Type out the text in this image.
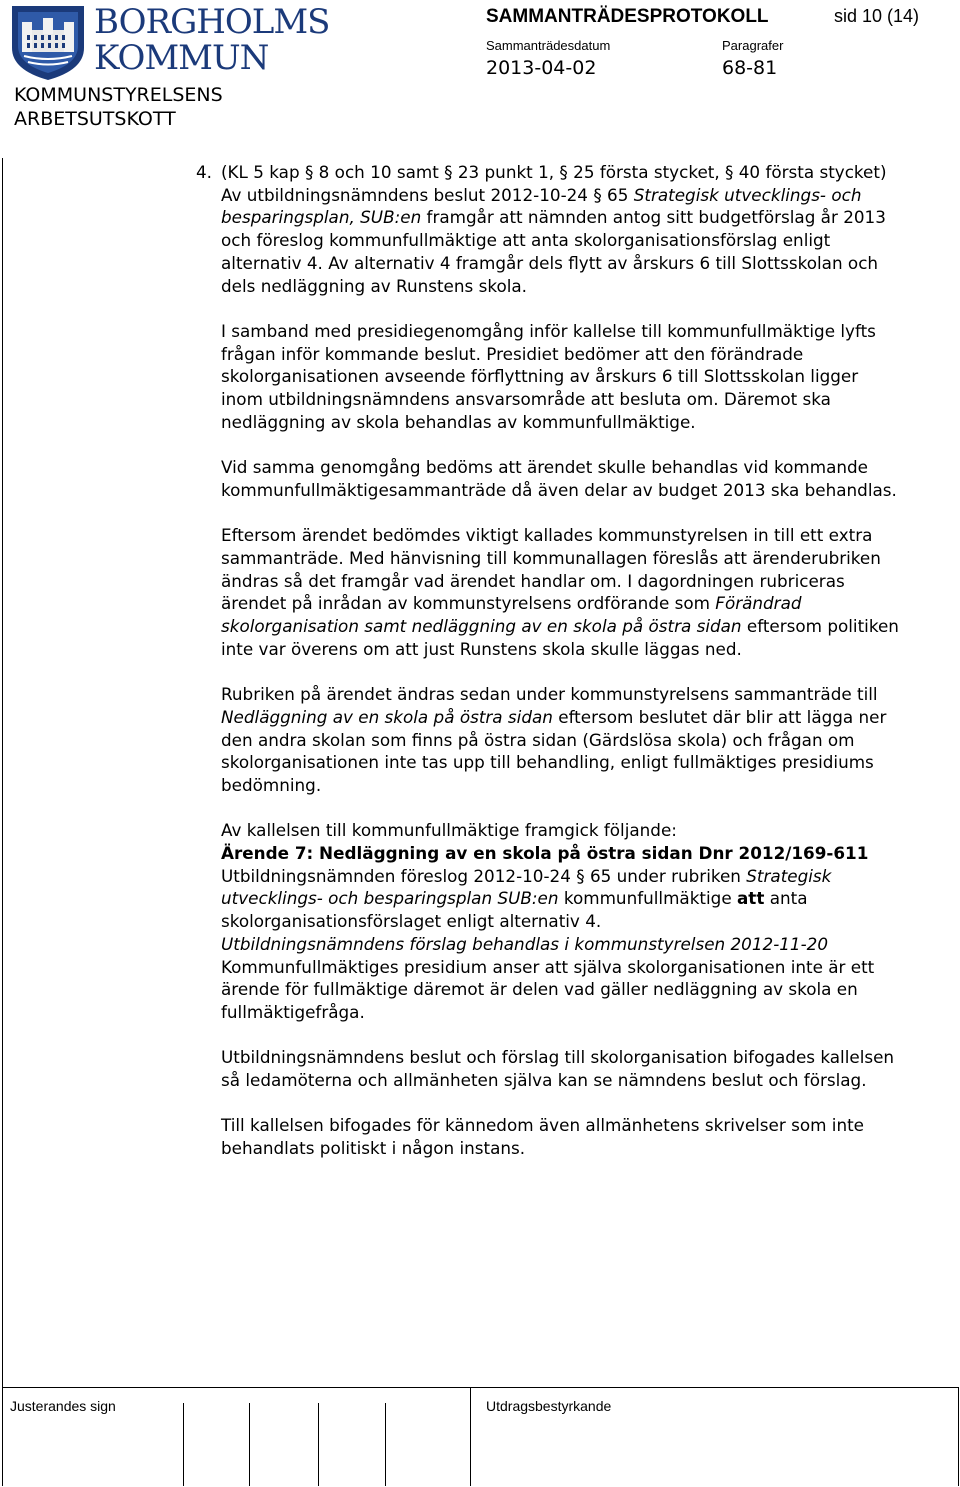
BORGHOLMS
KOMMUN
KOMMUNSTYRELSENS
ARBETSUTSKOTT
SAMMANTRÄDESPROTOKOLL	sid 10 (14)
Sammanträdesdatum	Paragrafer
2013-04-02	68-81
4. (KL 5 kap § 8 och 10 samt § 23 punkt 1, § 25 första stycket, § 40 första stycket)
Av utbildningsnämndens beslut 2012-10-24 § 65 Strategisk utvecklings- och besparingsplan, SUB:en framgår att nämnden antog sitt budgetförslag år 2013 och föreslog kommunfullmäktige att anta skolorganisationsförslag enligt alternativ 4. Av alternativ 4 framgår dels flytt av årskurs 6 till Slottsskolan och dels nedläggning av Runstens skola.

I samband med presidiegenomgång inför kallelse till kommunfullmäktige lyfts frågan inför kommande beslut. Presidiet bedömer att den förändrade skolorganisationen avseende förflyttning av årskurs 6 till Slottsskolan ligger inom utbildningsnämndens ansvarsområde att besluta om. Däremot ska nedläggning av skola behandlas av kommunfullmäktige.

Vid samma genomgång bedöms att ärendet skulle behandlas vid kommande kommunfullmäktigesammanträde då även delar av budget 2013 ska behandlas.

Eftersom ärendet bedömdes viktigt kallades kommunstyrelsen in till ett extra sammanträde. Med hänvisning till kommunallagen föreslås att ärenderubriken ändras så det framgår vad ärendet handlar om. I dagordningen rubriceras ärendet på inrådan av kommunstyrelsens ordförande som Förändrad skolorganisation samt nedläggning av en skola på östra sidan eftersom politiken inte var överens om att just Runstens skola skulle läggas ned.

Rubriken på ärendet ändras sedan under kommunstyrelsens sammanträde till Nedläggning av en skola på östra sidan eftersom beslutet där blir att lägga ner den andra skolan som finns på östra sidan (Gärdslösa skola) och frågan om skolorganisationen inte tas upp till behandling, enligt fullmäktiges presidiums bedömning.

Av kallelsen till kommunfullmäktige framgick följande:
Ärende 7: Nedläggning av en skola på östra sidan Dnr 2012/169-611
Utbildningsnämnden föreslog 2012-10-24 § 65 under rubriken Strategisk utvecklings- och besparingsplan SUB:en kommunfullmäktige att anta skolorganisationsförslaget enligt alternativ 4.
Utbildningsnämndens förslag behandlas i kommunstyrelsen 2012-11-20
Kommunfullmäktiges presidium anser att själva skolorganisationen inte är ett ärende för fullmäktige däremot är delen vad gäller nedläggning av skola en fullmäktigefråga.

Utbildningsnämndens beslut och förslag till skolorganisation bifogades kallelsen så ledamöterna och allmänheten själva kan se nämndens beslut och förslag.

Till kallelsen bifogades för kännedom även allmänhetens skrivelser som inte behandlats politiskt i någon instans.

Justerandes sign	Utdragsbestyrkande
